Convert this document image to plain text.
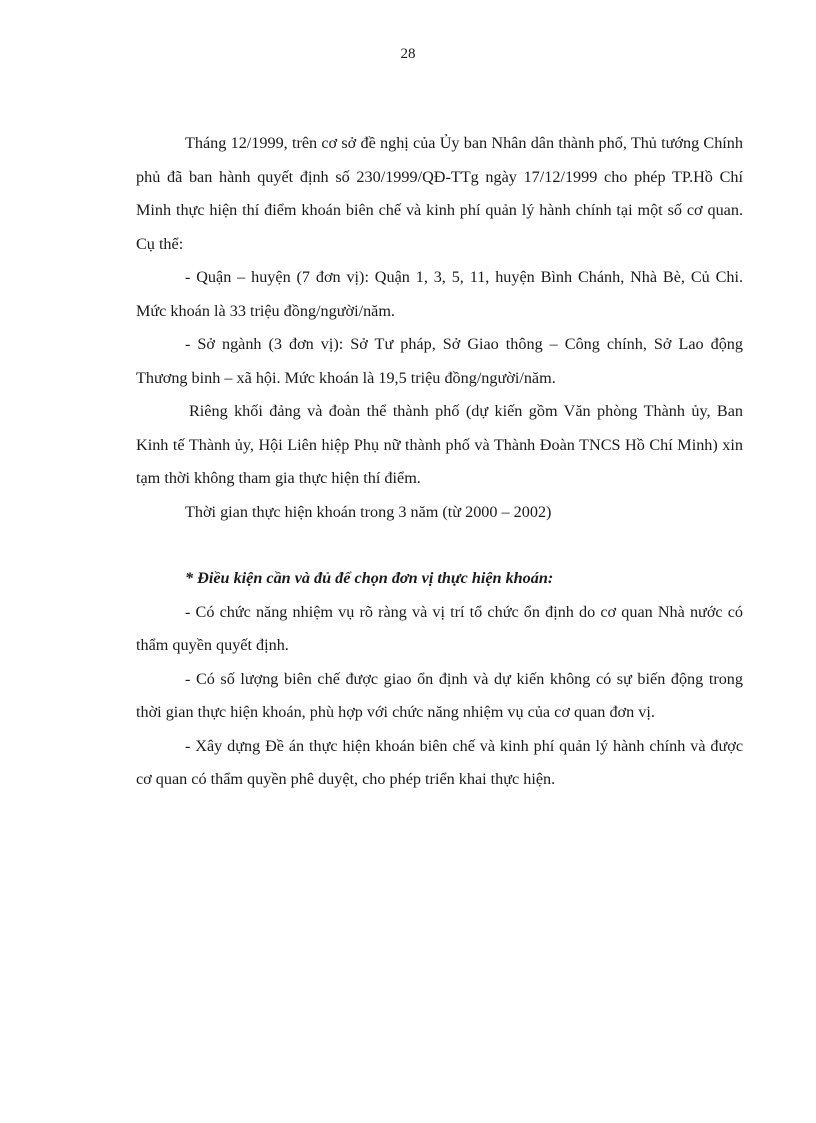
28

Tháng 12/1999, trên cơ sở đề nghị của Ủy ban Nhân dân thành phố, Thủ tướng Chính phủ đã ban hành quyết định số 230/1999/QĐ-TTg ngày 17/12/1999 cho phép TP.Hồ Chí Minh thực hiện thí điểm khoán biên chế và kinh phí quản lý hành chính tại một số cơ quan. Cụ thể:

- Quận – huyện (7 đơn vị): Quận 1, 3, 5, 11, huyện Bình Chánh, Nhà Bè, Củ Chi. Mức khoán là 33 triệu đồng/người/năm.

- Sở ngành (3 đơn vị): Sở Tư pháp, Sở Giao thông – Công chính, Sở Lao động Thương binh – xã hội. Mức khoán là 19,5 triệu đồng/người/năm.

Riêng khối đảng và đoàn thể thành phố (dự kiến gồm Văn phòng Thành ủy, Ban Kinh tế Thành ủy, Hội Liên hiệp Phụ nữ thành phố và Thành Đoàn TNCS Hồ Chí Minh) xin tạm thời không tham gia thực hiện thí điểm.

Thời gian thực hiện khoán trong 3 năm (từ 2000 – 2002)

* Điều kiện cần và đủ để chọn đơn vị thực hiện khoán:

- Có chức năng nhiệm vụ rõ ràng và vị trí tổ chức ổn định do cơ quan Nhà nước có thẩm quyền quyết định.

- Có số lượng biên chế được giao ổn định và dự kiến không có sự biến động trong thời gian thực hiện khoán, phù hợp với chức năng nhiệm vụ của cơ quan đơn vị.

- Xây dựng Đề án thực hiện khoán biên chế và kinh phí quản lý hành chính và được cơ quan có thẩm quyền phê duyệt, cho phép triển khai thực hiện.
